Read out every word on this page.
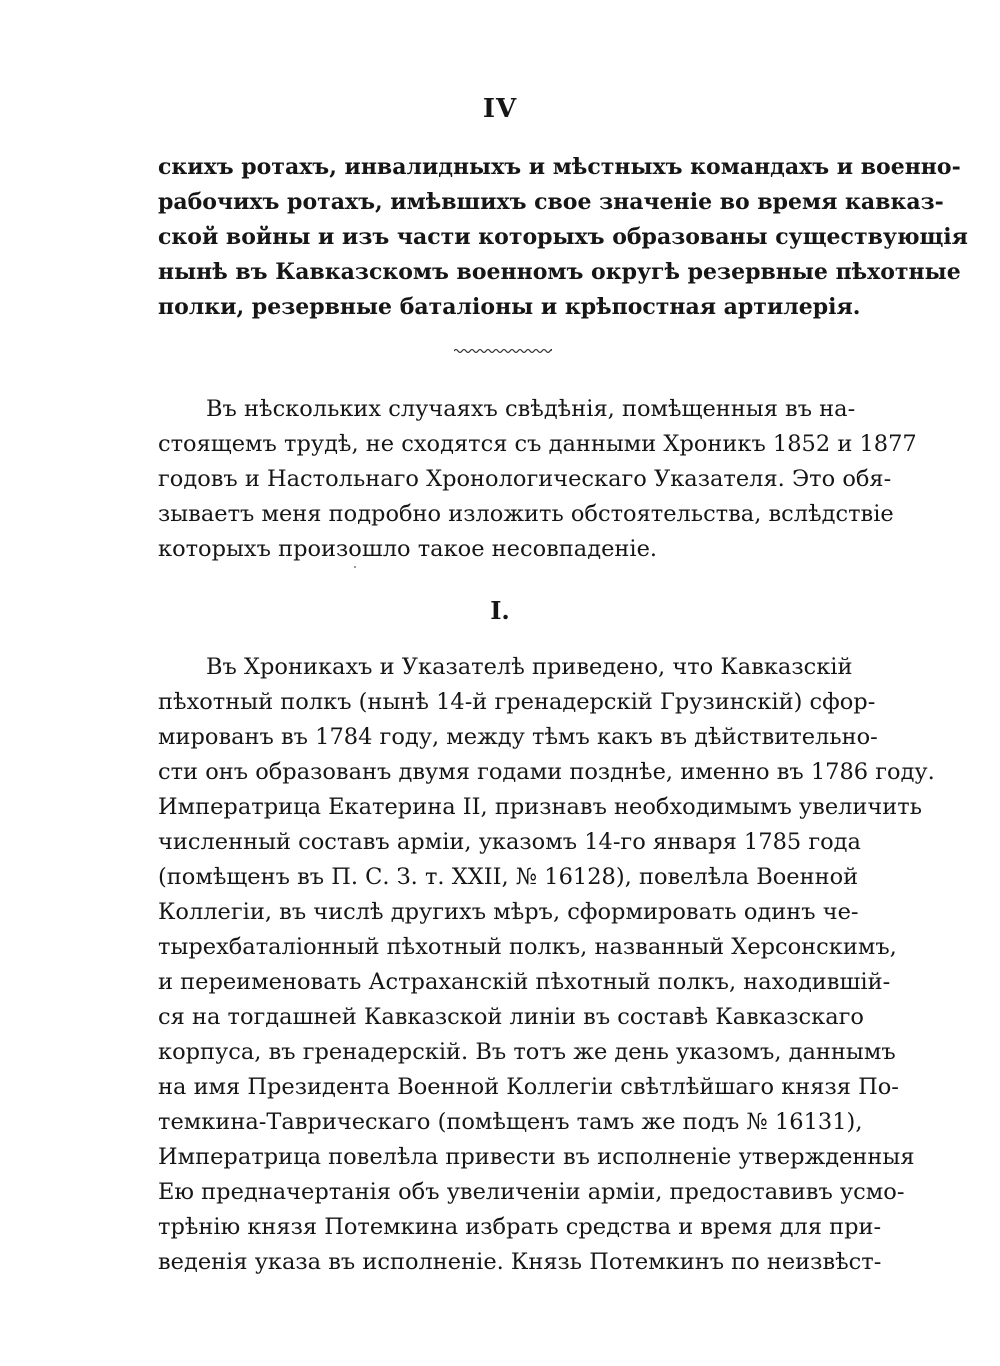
IV
скихъ ротахъ, инвалидныхъ и мѣстныхъ командахъ и военно-
рабочихъ ротахъ, имѣвшихъ свое значеніе во время кавказ-
ской войны и изъ части которыхъ образованы существующія
нынѣ въ Кавказскомъ военномъ округѣ резервные пѣхотные
полки, резервные баталіоны и крѣпостная артилерія.
Въ нѣскольких случаяхъ свѣдѣнія, помѣщенныя въ на-
стоящемъ трудѣ, не сходятся съ данными Хроникъ 1852 и 1877
годовъ и Настольнаго Хронологическаго Указателя. Это обя-
зываетъ меня подробно изложить обстоятельства, вслѣдствіе
которыхъ произошло такое несовпаденіе.
I.
Въ Хроникахъ и Указателѣ приведено, что Кавказскій
пѣхотный полкъ (нынѣ 14-й гренадерскій Грузинскій) сфор-
мированъ въ 1784 году, между тѣмъ какъ въ дѣйствительно-
сти онъ образованъ двумя годами позднѣе, именно въ 1786 году.
Императрица Екатерина II, признавъ необходимымъ увеличить
численный составъ арміи, указомъ 14-го января 1785 года
(помѣщенъ въ П. С. З. т. XXII, № 16128), повелѣла Военной
Коллегіи, въ числѣ другихъ мѣръ, сформировать одинъ че-
тырехбаталіонный пѣхотный полкъ, названный Херсонскимъ,
и переименовать Астраханскій пѣхотный полкъ, находившій-
ся на тогдашней Кавказской линіи въ составѣ Кавказскаго
корпуса, въ гренадерскій. Въ тотъ же день указомъ, даннымъ
на имя Президента Военной Коллегіи свѣтлѣйшаго князя По-
темкина-Таврическаго (помѣщенъ тамъ же подъ № 16131),
Императрица повелѣла привести въ исполненіе утвержденныя
Ею предначертанія объ увеличеніи арміи, предоставивъ усмо-
трѣнію князя Потемкина избрать средства и время для при-
веденія указа въ исполненіе. Князь Потемкинъ по неизвѣст-
